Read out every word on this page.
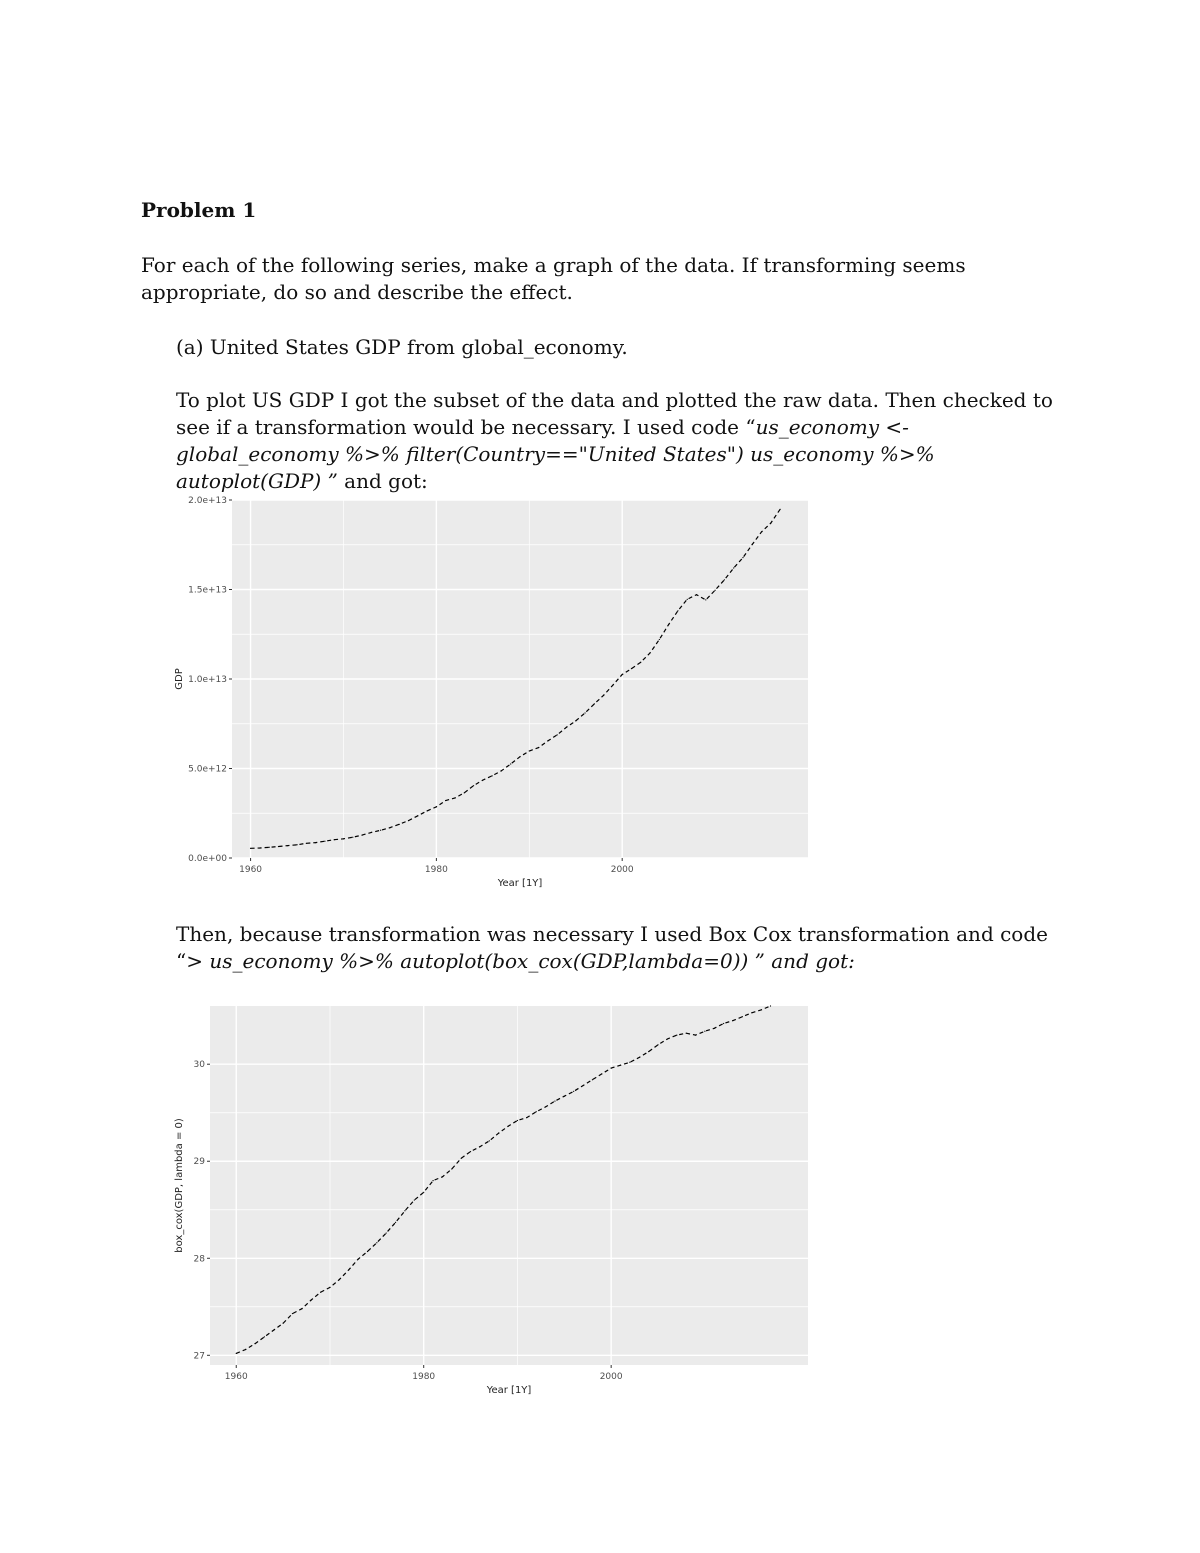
Problem 1

For each of the following series, make a graph of the data. If transforming seems appropriate, do so and describe the effect.

(a) United States GDP from global_economy.

To plot US GDP I got the subset of the data and plotted the raw data. Then checked to see if a transformation would be necessary. I used code “us_economy <- global_economy %>% filter(Country=="United States") us_economy %>% autoplot(GDP) ” and got:

0.0e+00
5.0e+12
1.0e+13
1.5e+13
2.0e+13
1960	1980	2000
Year [1Y]
GDP

Then, because transformation was necessary I used Box Cox transformation and code “> us_economy %>% autoplot(box_cox(GDP,lambda=0)) ” and got:

27
28
29
30
1960	1980	2000
Year [1Y]
box_cox(GDP, lambda = 0)
